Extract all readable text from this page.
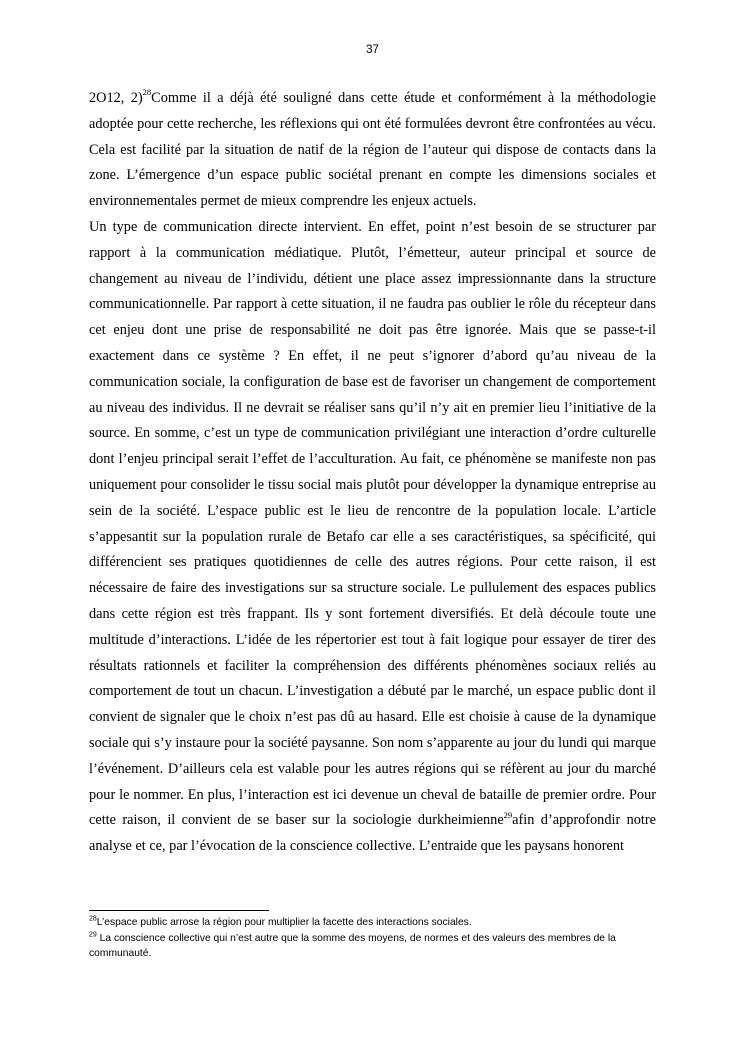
37

2O12, 2)$^{28}$Comme il a déjà été souligné dans cette étude et conformément à la méthodologie adoptée pour cette recherche, les réflexions qui ont été formulées devront être confrontées au vécu. Cela est facilité par la situation de natif de la région de l’auteur qui dispose de contacts dans la zone. L’émergence d’un espace public sociétal prenant en compte les dimensions sociales et environnementales permet de mieux comprendre les enjeux actuels.

Un type de communication directe intervient. En effet, point n’est besoin de se structurer par rapport à la communication médiatique. Plutôt, l’émetteur, auteur principal et source de changement au niveau de l’individu, détient une place assez impressionnante dans la structure communicationnelle. Par rapport à cette situation, il ne faudra pas oublier le rôle du récepteur dans cet enjeu dont une prise de responsabilité ne doit pas être ignorée. Mais que se passe-t-il exactement dans ce système ? En effet, il ne peut s’ignorer d’abord qu’au niveau de la communication sociale, la configuration de base est de favoriser un changement de comportement au niveau des individus. Il ne devrait se réaliser sans qu’il n’y ait en premier lieu l’initiative de la source. En somme, c’est un type de communication privilégiant une interaction d’ordre culturelle dont l’enjeu principal serait l’effet de l’acculturation. Au fait, ce phénomène se manifeste non pas uniquement pour consolider le tissu social mais plutôt pour développer la dynamique entreprise au sein de la société. L’espace public est le lieu de rencontre de la population locale. L’article s’appesantit sur la population rurale de Betafo car elle a ses caractéristiques, sa spécificité, qui différencient ses pratiques quotidiennes de celle des autres régions. Pour cette raison, il est nécessaire de faire des investigations sur sa structure sociale. Le pullulement des espaces publics dans cette région est très frappant. Ils y sont fortement diversifiés. Et delà découle toute une multitude d’interactions. L’idée de les répertorier est tout à fait logique pour essayer de tirer des résultats rationnels et faciliter la compréhension des différents phénomènes sociaux reliés au comportement de tout un chacun. L’investigation a débuté par le marché, un espace public dont il convient de signaler que le choix n’est pas dû au hasard. Elle est choisie à cause de la dynamique sociale qui s’y instaure pour la société paysanne. Son nom s’apparente au jour du lundi qui marque l’événement. D’ailleurs cela est valable pour les autres régions qui se réfèrent au jour du marché pour le nommer. En plus, l’interaction est ici devenue un cheval de bataille de premier ordre. Pour cette raison, il convient de se baser sur la sociologie durkheimienne$^{29}$afin d’approfondir notre analyse et ce, par l’évocation de la conscience collective. L’entraide que les paysans honorent

$^{28}$L’espace public arrose la région pour multiplier la facette des interactions sociales.

$^{29}$ La conscience collective qui n’est autre que la somme des moyens, de normes et des valeurs des membres de la communauté.
